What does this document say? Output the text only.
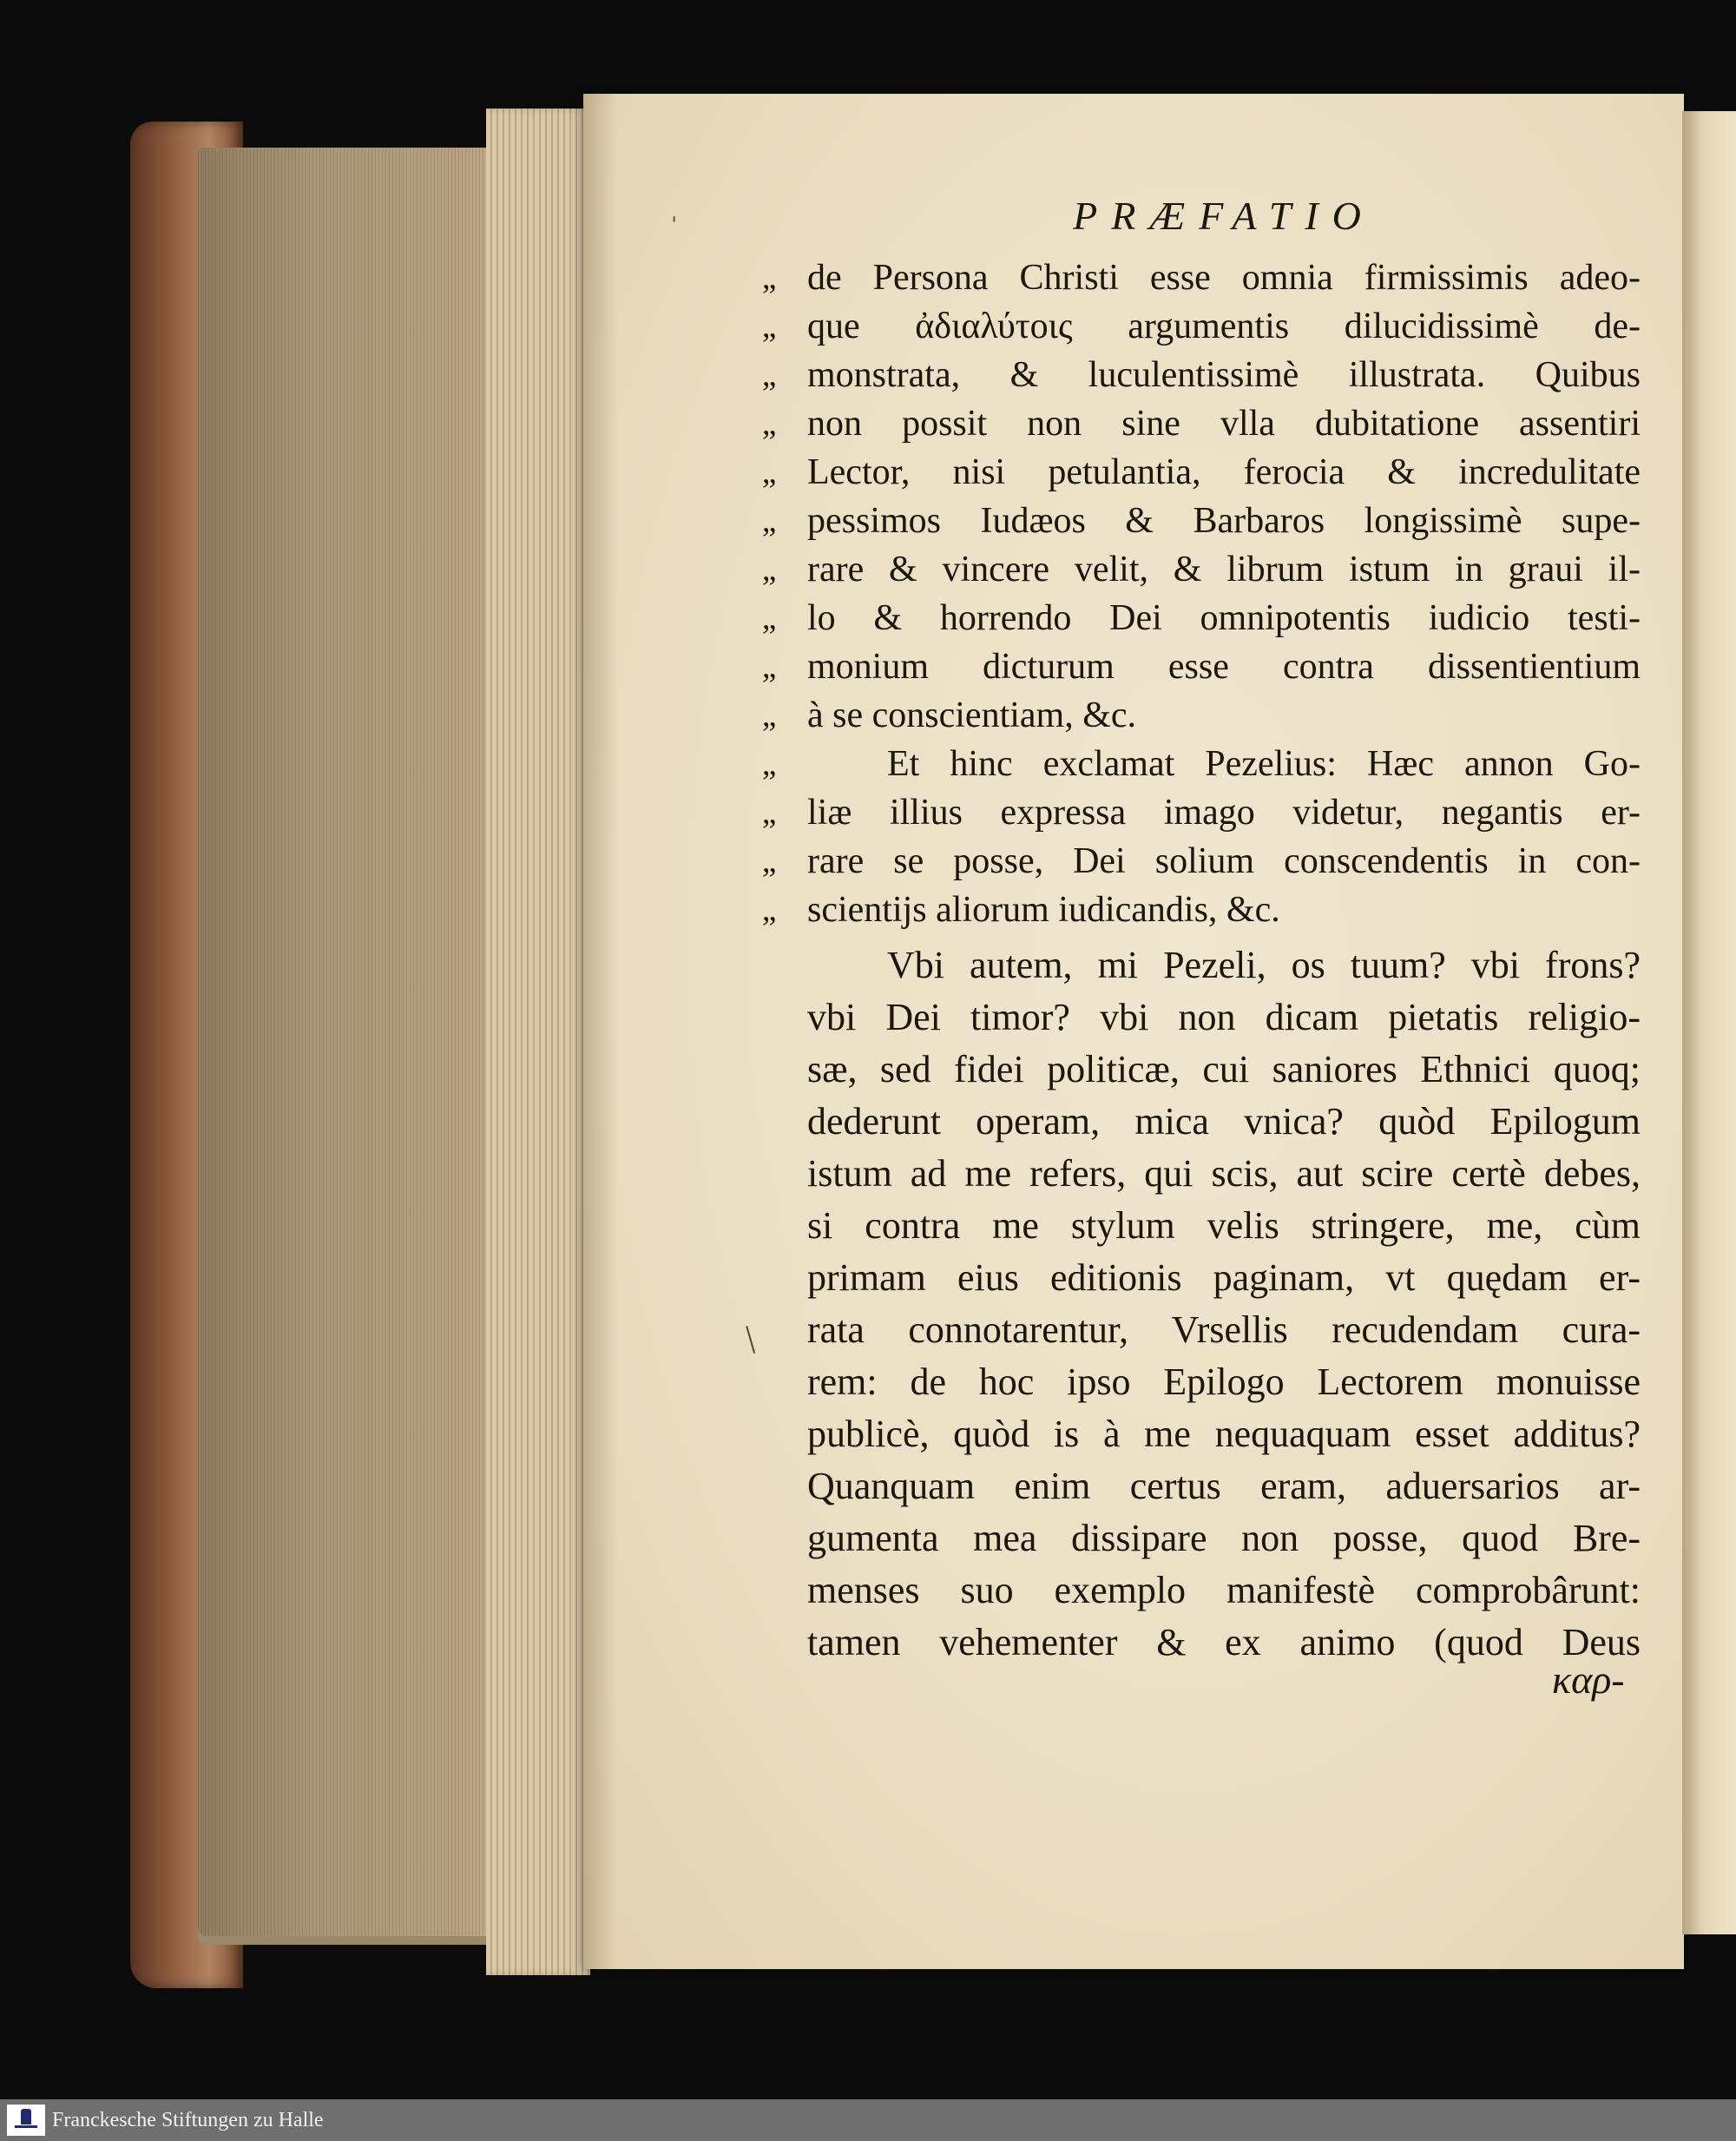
ˈ	PRÆFATIO
,, de Persona Christi esse omnia firmissimis adeo-
,, que ἀδιαλύτοις argumentis dilucidissimè de-
,, monstrata, & luculentissimè illustrata. Quibus
,, non possit non sine vlla dubitatione assentiri
,, Lector, nisi petulantia, ferocia & incredulitate
,, pessimos Iudæos & Barbaros longissimè supe-
,, rare & vincere velit, & librum istum in graui il-
,, lo & horrendo Dei omnipotentis iudicio testi-
,, monium dicturum esse contra dissentientium
,, à se conscientiam, &c.
,,	Et hinc exclamat Pezelius: Hæc annon Go-
,, liæ illius expressa imago videtur, negantis er-
,, rare se posse, Dei solium conscendentis in con-
,, scientijs aliorum iudicandis, &c.
Vbi autem, mi Pezeli, os tuum? vbi frons?
vbi Dei timor? vbi non dicam pietatis religio-
sæ, sed fidei politicæ, cui saniores Ethnici quoq;
dederunt operam, mica vnica? quòd Epilogum
istum ad me refers, qui scis, aut scire certè debes,
si contra me stylum velis stringere, me, cùm
primam eius editionis paginam, vt quędam er-
rata connotarentur, Vrsellis recudendam cura-
rem: de hoc ipso Epilogo Lectorem monuisse
publicè, quòd is à me nequaquam esset additus?
Quanquam enim certus eram, aduersarios ar-
gumenta mea dissipare non posse, quod Bre-
menses suo exemplo manifestè comprobârunt:
tamen vehementer & ex animo (quod Deus
/
καρ-
Franckesche Stiftungen zu Halle
